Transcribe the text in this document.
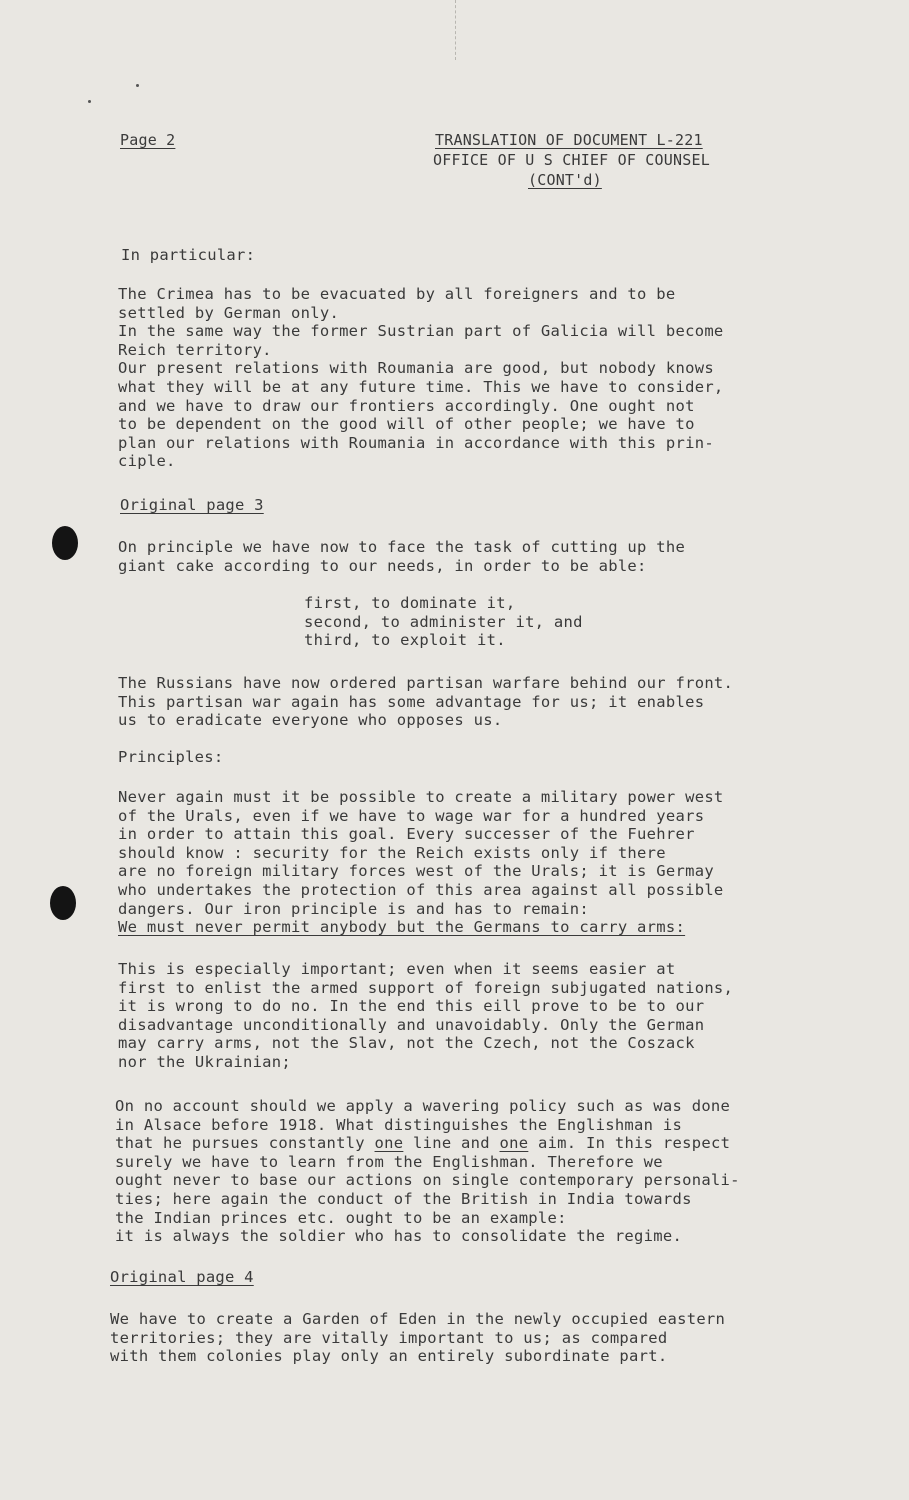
Page 2	TRANSLATION OF DOCUMENT L-221
OFFICE OF U S CHIEF OF COUNSEL
(CONT'd)
In particular:
The Crimea has to be evacuated by all foreigners and to be
settled by German only.
In the same way the former Sustrian part of Galicia will become
Reich territory.
Our present relations with Roumania are good, but nobody knows
what they will be at any future time. This we have to consider,
and we have to draw our frontiers accordingly. One ought not
to be dependent on the good will of other people; we have to
plan our relations with Roumania in accordance with this prin-
ciple.
Original page 3
On principle we have now to face the task of cutting up the
giant cake according to our needs, in order to be able:
first, to dominate it,
second, to administer it, and
third, to exploit it.
The Russians have now ordered partisan warfare behind our front.
This partisan war again has some advantage for us; it enables
us to eradicate everyone who opposes us.
Principles:
Never again must it be possible to create a military power west
of the Urals, even if we have to wage war for a hundred years
in order to attain this goal. Every successer of the Fuehrer
should know : security for the Reich exists only if there
are no foreign military forces west of the Urals; it is Germay
who undertakes the protection of this area against all possible
dangers. Our iron principle is and has to remain:
We must never permit anybody but the Germans to carry arms:
This is especially important; even when it seems easier at
first to enlist the armed support of foreign subjugated nations,
it is wrong to do no. In the end this eill prove to be to our
disadvantage unconditionally and unavoidably. Only the German
may carry arms, not the Slav, not the Czech, not the Coszack
nor the Ukrainian;
On no account should we apply a wavering policy such as was done
in Alsace before 1918. What distinguishes the Englishman is
that he pursues constantly one line and one aim. In this respect
surely we have to learn from the Englishman. Therefore we
ought never to base our actions on single contemporary personali-
ties; here again the conduct of the British in India towards
the Indian princes etc. ought to be an example:
it is always the soldier who has to consolidate the regime.
Original page 4
We have to create a Garden of Eden in the newly occupied eastern
territories; they are vitally important to us; as compared
with them colonies play only an entirely subordinate part.
